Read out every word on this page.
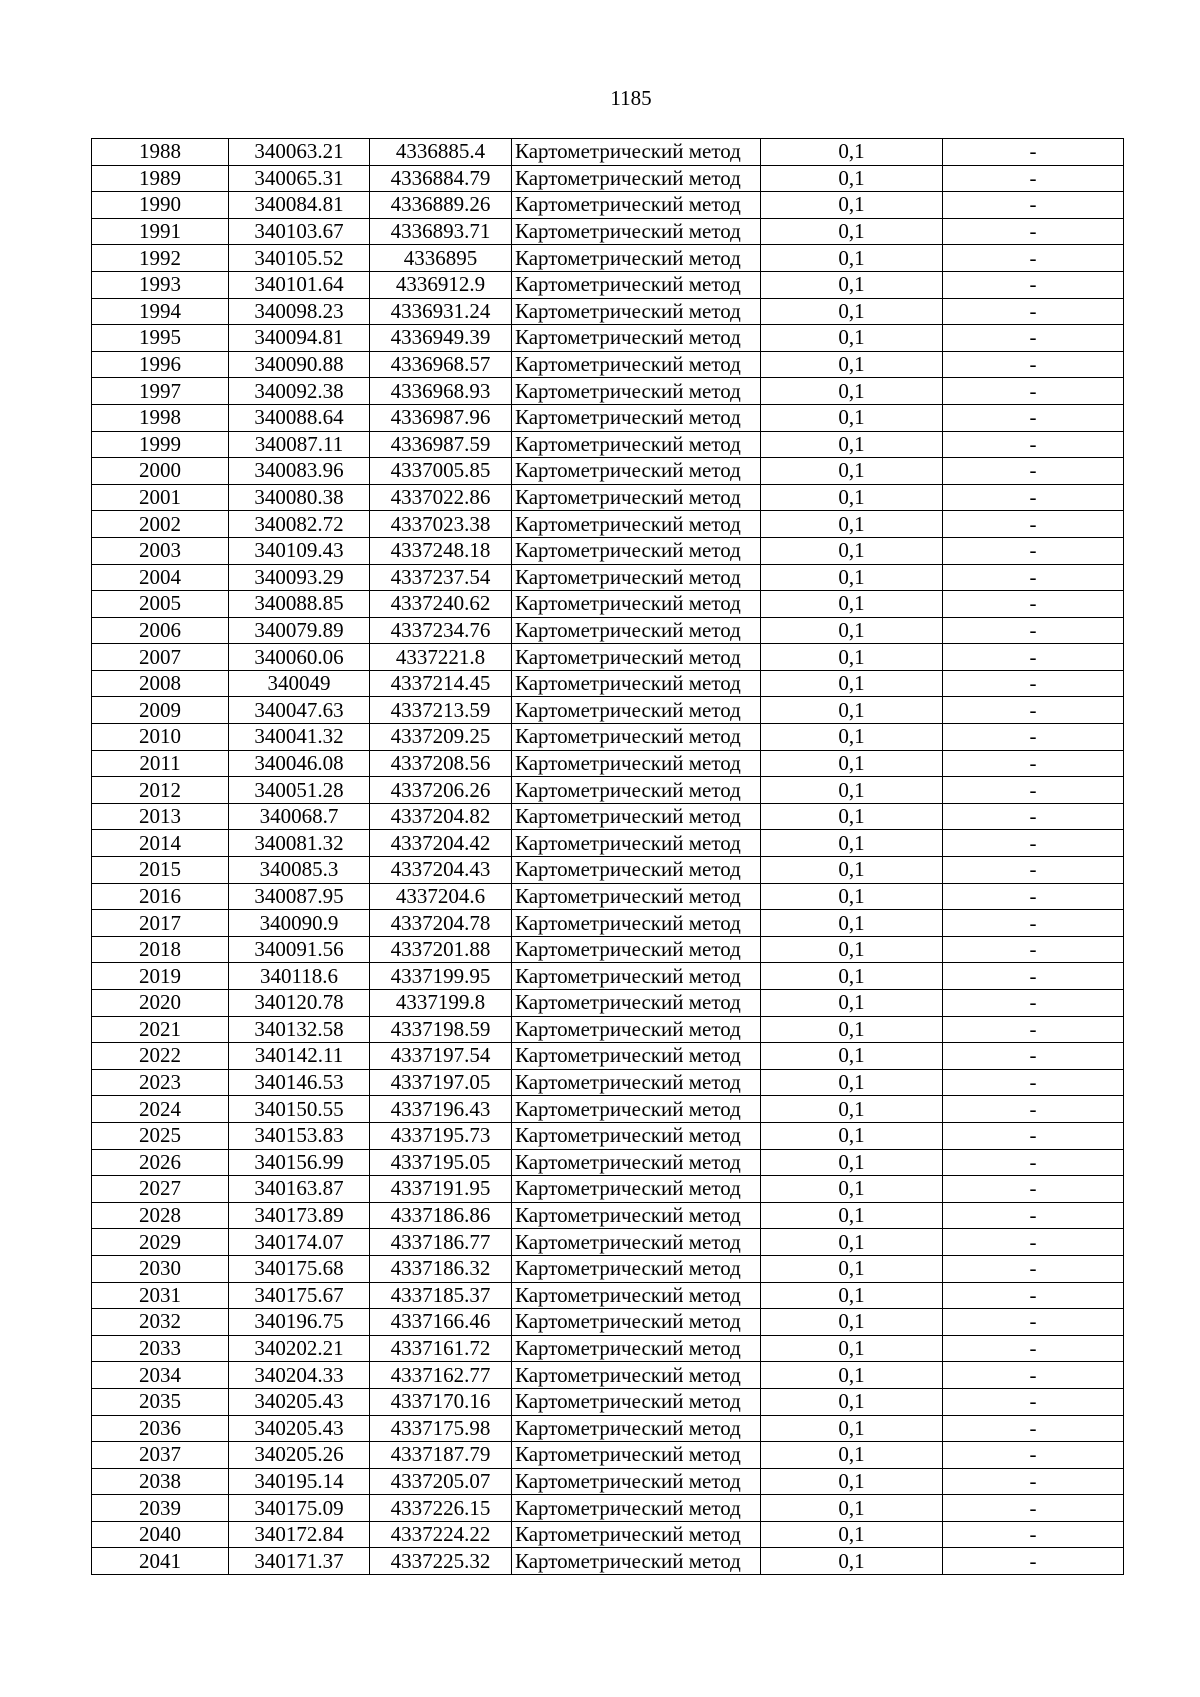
1185
1988	340063.21	4336885.4	Картометрический метод	0,1	-
1989	340065.31	4336884.79	Картометрический метод	0,1	-
1990	340084.81	4336889.26	Картометрический метод	0,1	-
1991	340103.67	4336893.71	Картометрический метод	0,1	-
1992	340105.52	4336895	Картометрический метод	0,1	-
1993	340101.64	4336912.9	Картометрический метод	0,1	-
1994	340098.23	4336931.24	Картометрический метод	0,1	-
1995	340094.81	4336949.39	Картометрический метод	0,1	-
1996	340090.88	4336968.57	Картометрический метод	0,1	-
1997	340092.38	4336968.93	Картометрический метод	0,1	-
1998	340088.64	4336987.96	Картометрический метод	0,1	-
1999	340087.11	4336987.59	Картометрический метод	0,1	-
2000	340083.96	4337005.85	Картометрический метод	0,1	-
2001	340080.38	4337022.86	Картометрический метод	0,1	-
2002	340082.72	4337023.38	Картометрический метод	0,1	-
2003	340109.43	4337248.18	Картометрический метод	0,1	-
2004	340093.29	4337237.54	Картометрический метод	0,1	-
2005	340088.85	4337240.62	Картометрический метод	0,1	-
2006	340079.89	4337234.76	Картометрический метод	0,1	-
2007	340060.06	4337221.8	Картометрический метод	0,1	-
2008	340049	4337214.45	Картометрический метод	0,1	-
2009	340047.63	4337213.59	Картометрический метод	0,1	-
2010	340041.32	4337209.25	Картометрический метод	0,1	-
2011	340046.08	4337208.56	Картометрический метод	0,1	-
2012	340051.28	4337206.26	Картометрический метод	0,1	-
2013	340068.7	4337204.82	Картометрический метод	0,1	-
2014	340081.32	4337204.42	Картометрический метод	0,1	-
2015	340085.3	4337204.43	Картометрический метод	0,1	-
2016	340087.95	4337204.6	Картометрический метод	0,1	-
2017	340090.9	4337204.78	Картометрический метод	0,1	-
2018	340091.56	4337201.88	Картометрический метод	0,1	-
2019	340118.6	4337199.95	Картометрический метод	0,1	-
2020	340120.78	4337199.8	Картометрический метод	0,1	-
2021	340132.58	4337198.59	Картометрический метод	0,1	-
2022	340142.11	4337197.54	Картометрический метод	0,1	-
2023	340146.53	4337197.05	Картометрический метод	0,1	-
2024	340150.55	4337196.43	Картометрический метод	0,1	-
2025	340153.83	4337195.73	Картометрический метод	0,1	-
2026	340156.99	4337195.05	Картометрический метод	0,1	-
2027	340163.87	4337191.95	Картометрический метод	0,1	-
2028	340173.89	4337186.86	Картометрический метод	0,1	-
2029	340174.07	4337186.77	Картометрический метод	0,1	-
2030	340175.68	4337186.32	Картометрический метод	0,1	-
2031	340175.67	4337185.37	Картометрический метод	0,1	-
2032	340196.75	4337166.46	Картометрический метод	0,1	-
2033	340202.21	4337161.72	Картометрический метод	0,1	-
2034	340204.33	4337162.77	Картометрический метод	0,1	-
2035	340205.43	4337170.16	Картометрический метод	0,1	-
2036	340205.43	4337175.98	Картометрический метод	0,1	-
2037	340205.26	4337187.79	Картометрический метод	0,1	-
2038	340195.14	4337205.07	Картометрический метод	0,1	-
2039	340175.09	4337226.15	Картометрический метод	0,1	-
2040	340172.84	4337224.22	Картометрический метод	0,1	-
2041	340171.37	4337225.32	Картометрический метод	0,1	-
